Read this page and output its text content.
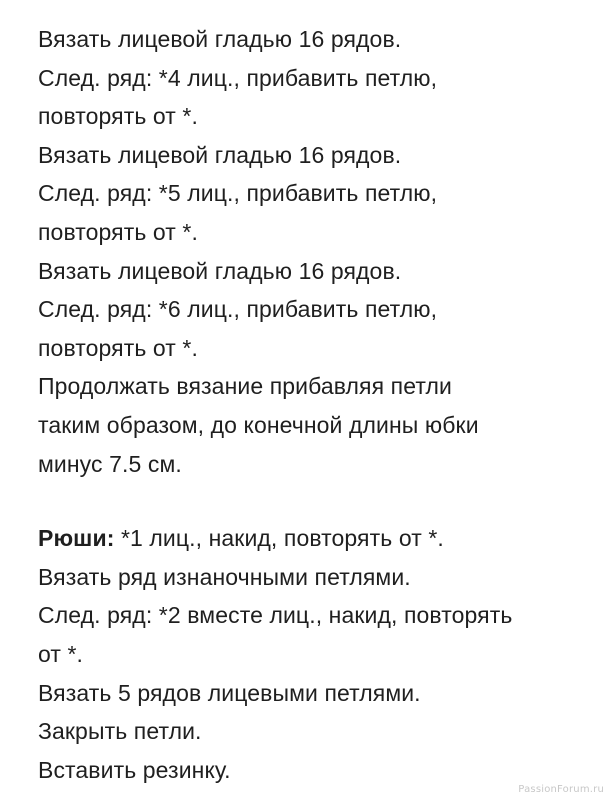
Вязать лицевой гладью 16 рядов.
След. ряд: *4 лиц., прибавить петлю,
повторять от *.
Вязать лицевой гладью 16 рядов.
След. ряд: *5 лиц., прибавить петлю,
повторять от *.
Вязать лицевой гладью 16 рядов.
След. ряд: *6 лиц., прибавить петлю,
повторять от *.
Продолжать вязание прибавляя петли
таким образом, до конечной длины юбки
минус 7.5 см.
Рюши: *1 лиц., накид, повторять от *.
Вязать ряд изнаночными петлями.
След. ряд: *2 вместе лиц., накид, повторять
от *.
Вязать 5 рядов лицевыми петлями.
Закрыть петли.
Вставить резинку.
PassionForum.ru
